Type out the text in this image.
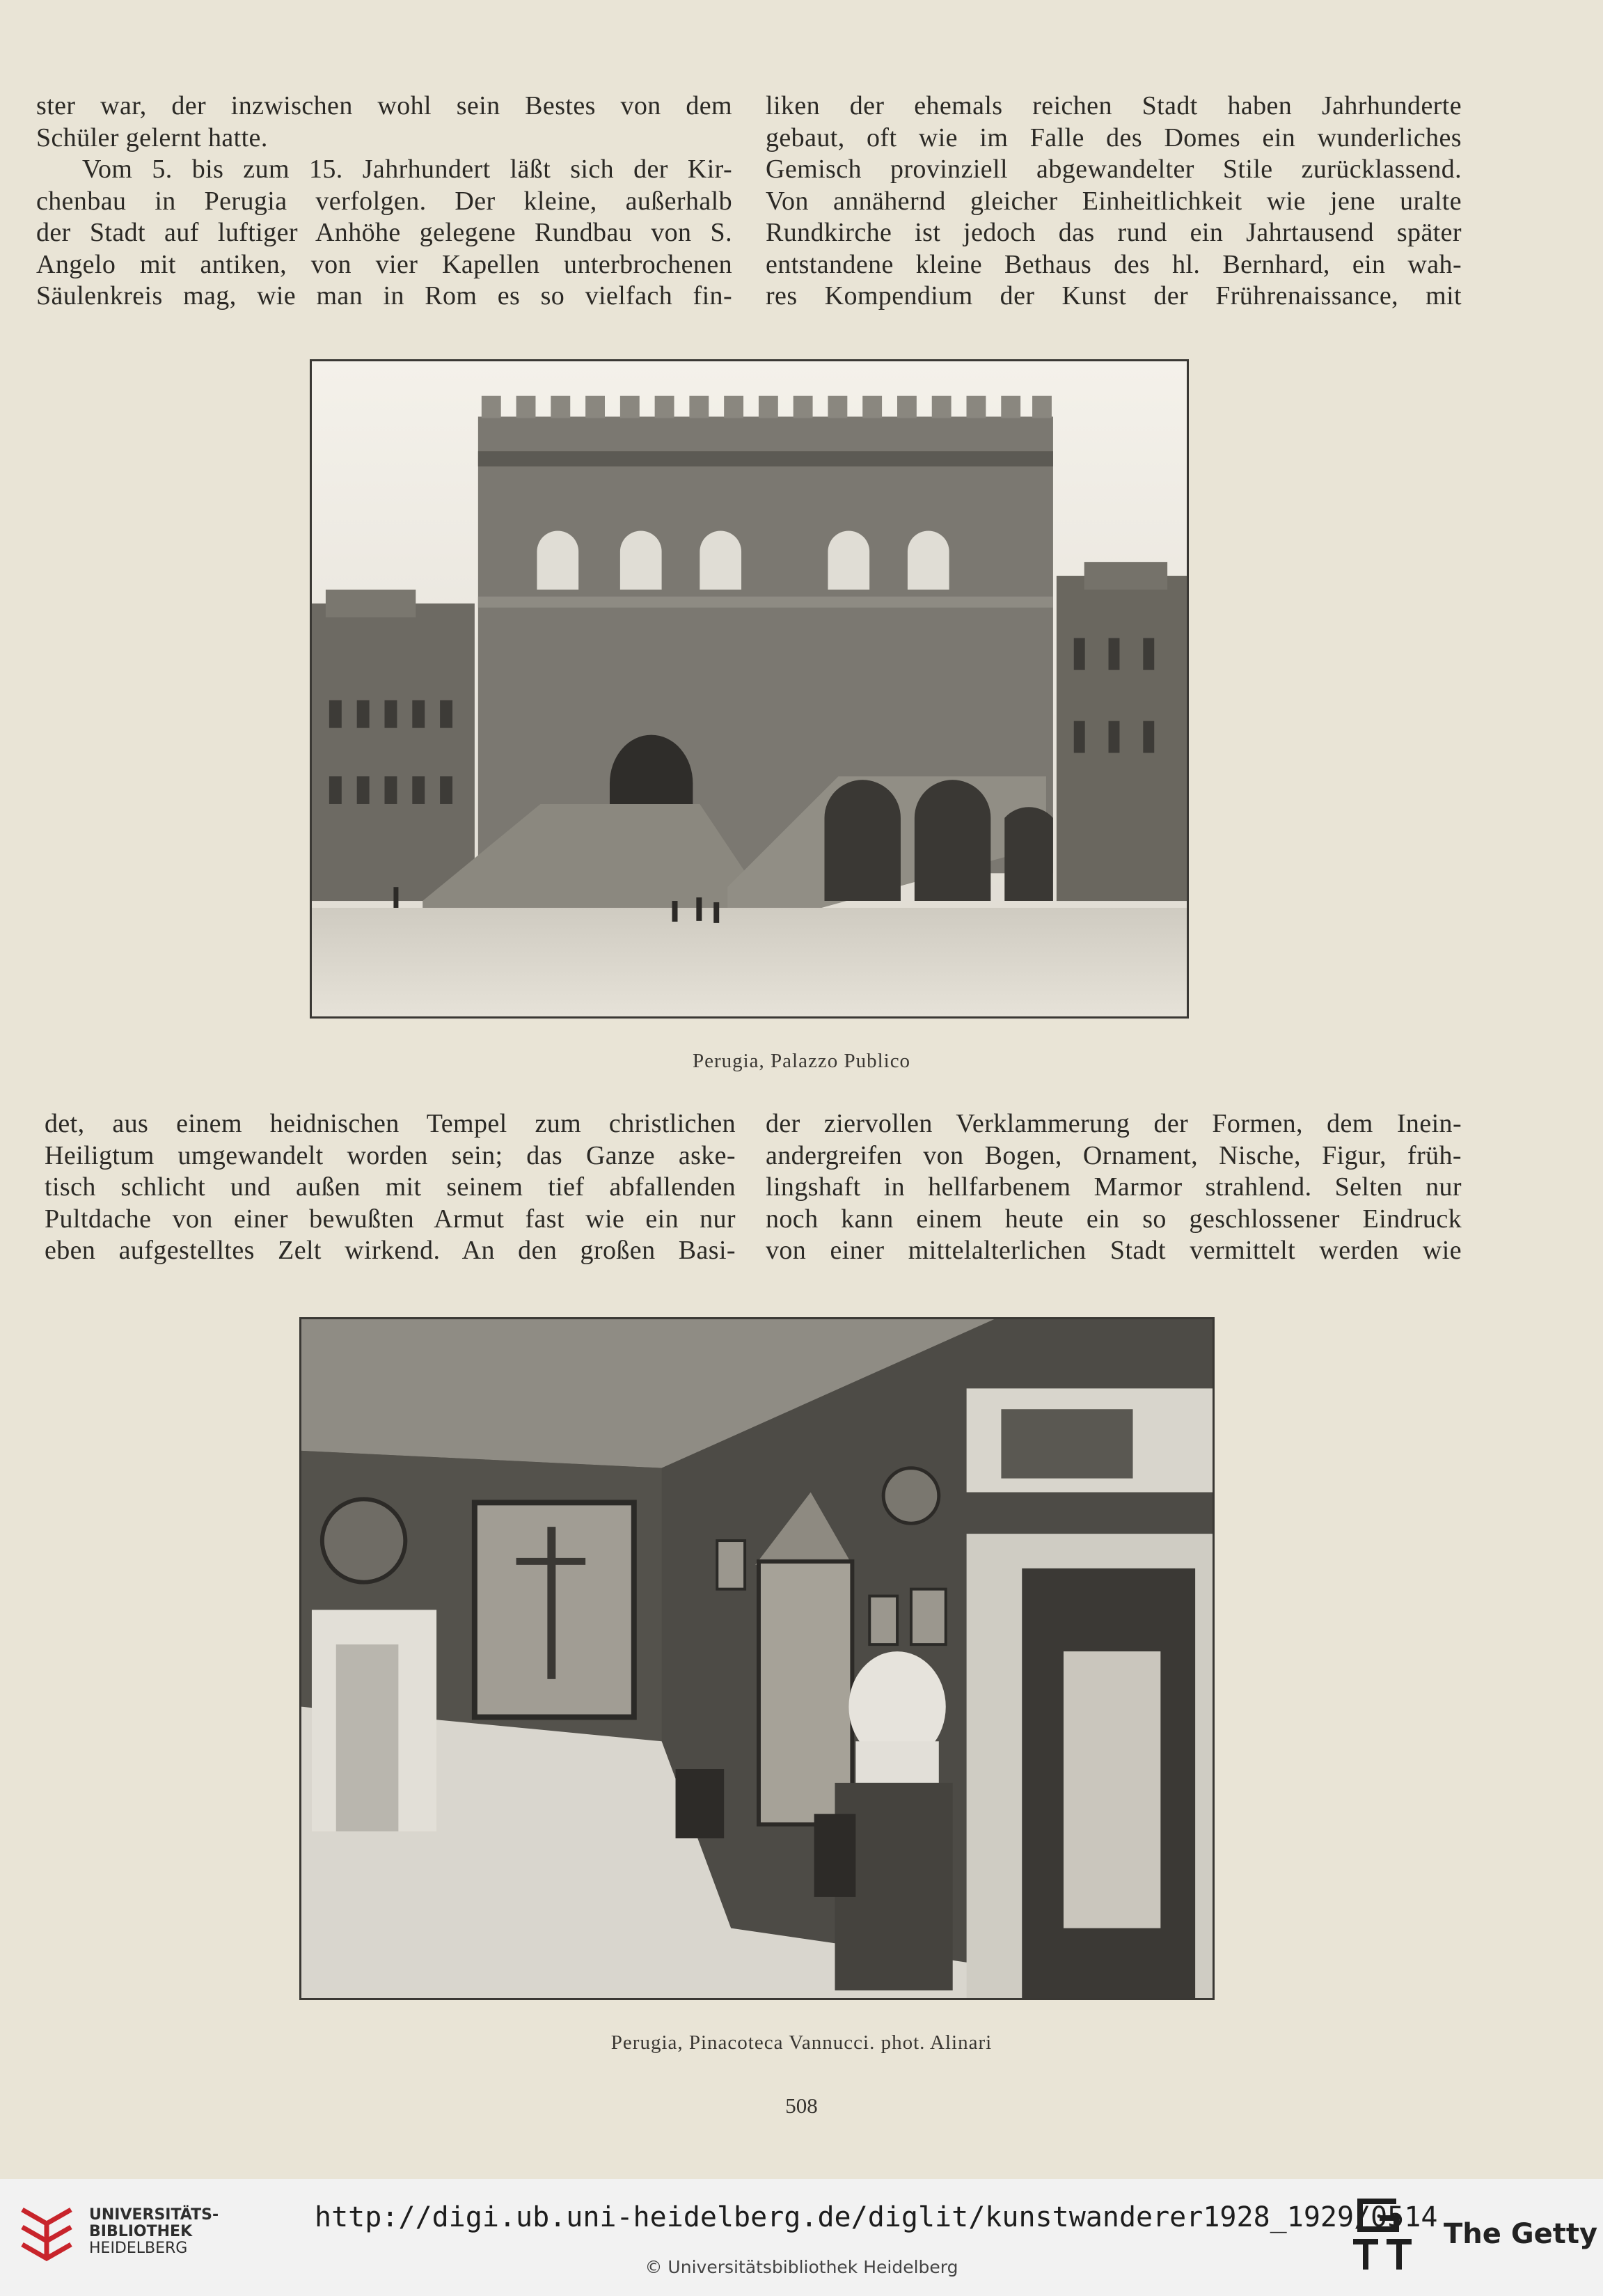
ster war, der inzwischen wohl sein Bestes von dem
Schüler gelernt hatte.
Vom 5. bis zum 15. Jahrhundert läßt sich der Kir-
chenbau in Perugia verfolgen. Der kleine, außerhalb
der Stadt auf luftiger Anhöhe gelegene Rundbau von S.
Angelo mit antiken, von vier Kapellen unterbrochenen
Säulenkreis mag, wie man in Rom es so vielfach fin-
liken der ehemals reichen Stadt haben Jahrhunderte
gebaut, oft wie im Falle des Domes ein wunderliches
Gemisch provinziell abgewandelter Stile zurücklassend.
Von annähernd gleicher Einheitlichkeit wie jene uralte
Rundkirche ist jedoch das rund ein Jahrtausend später
entstandene kleine Bethaus des hl. Bernhard, ein wah-
res Kompendium der Kunst der Frührenaissance, mit
Perugia, Palazzo Publico
det, aus einem heidnischen Tempel zum christlichen
Heiligtum umgewandelt worden sein; das Ganze aske-
tisch schlicht und außen mit seinem tief abfallenden
Pultdache von einer bewußten Armut fast wie ein nur
eben aufgestelltes Zelt wirkend. An den großen Basi-
der ziervollen Verklammerung der Formen, dem Inein-
andergreifen von Bogen, Ornament, Nische, Figur, früh-
lingshaft in hellfarbenem Marmor strahlend. Selten nur
noch kann einem heute ein so geschlossener Eindruck
von einer mittelalterlichen Stadt vermittelt werden wie
Perugia, Pinacoteca Vannucci. phot. Alinari
508
UNIVERSITÄTS-
BIBLIOTHEK
HEIDELBERG
http://digi.ub.uni-heidelberg.de/diglit/kunstwanderer1928_1929/0514
© Universitätsbibliothek Heidelberg
The Getty
